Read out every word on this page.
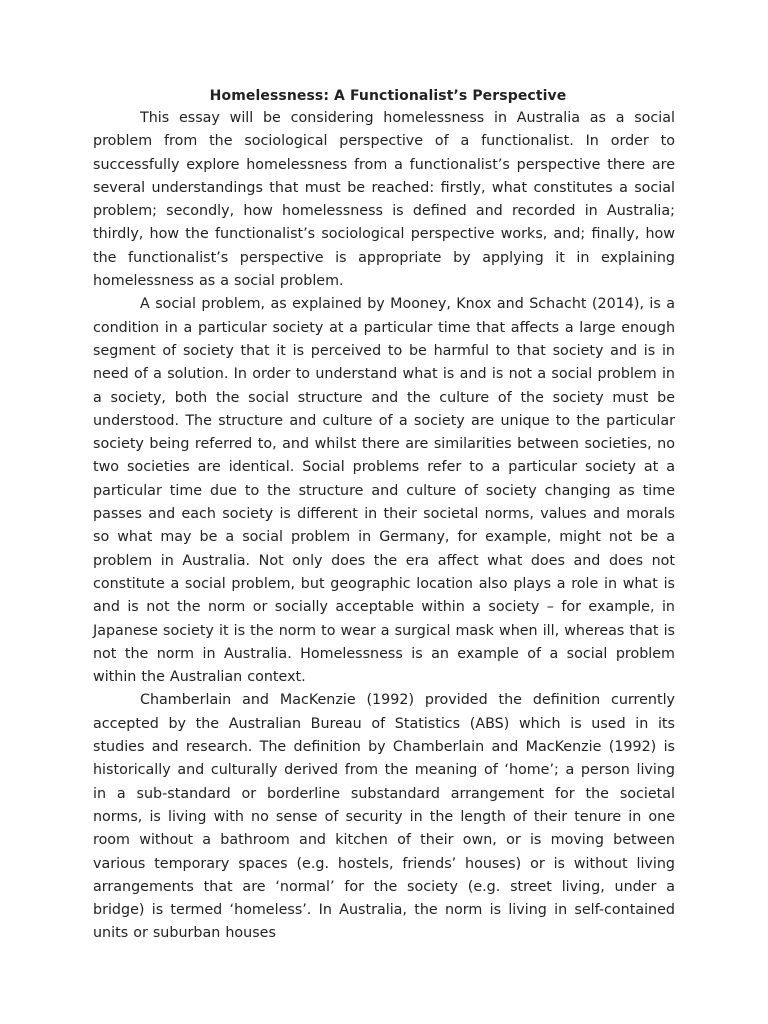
Homelessness: A Functionalist’s Perspective

This essay will be considering homelessness in Australia as a social problem from the sociological perspective of a functionalist. In order to successfully explore homelessness from a functionalist’s perspective there are several understandings that must be reached: firstly, what constitutes a social problem; secondly, how homelessness is defined and recorded in Australia; thirdly, how the functionalist’s sociological perspective works, and; finally, how the functionalist’s perspective is appropriate by applying it in explaining homelessness as a social problem.

A social problem, as explained by Mooney, Knox and Schacht (2014), is a condition in a particular society at a particular time that affects a large enough segment of society that it is perceived to be harmful to that society and is in need of a solution. In order to understand what is and is not a social problem in a society, both the social structure and the culture of the society must be understood. The structure and culture of a society are unique to the particular society being referred to, and whilst there are similarities between societies, no two societies are identical. Social problems refer to a particular society at a particular time due to the structure and culture of society changing as time passes and each society is different in their societal norms, values and morals so what may be a social problem in Germany, for example, might not be a problem in Australia. Not only does the era affect what does and does not constitute a social problem, but geographic location also plays a role in what is and is not the norm or socially acceptable within a society – for example, in Japanese society it is the norm to wear a surgical mask when ill, whereas that is not the norm in Australia. Homelessness is an example of a social problem within the Australian context.

Chamberlain and MacKenzie (1992) provided the definition currently accepted by the Australian Bureau of Statistics (ABS) which is used in its studies and research. The definition by Chamberlain and MacKenzie (1992) is historically and culturally derived from the meaning of ‘home’; a person living in a sub-standard or borderline substandard arrangement for the societal norms, is living with no sense of security in the length of their tenure in one room without a bathroom and kitchen of their own, or is moving between various temporary spaces (e.g. hostels, friends’ houses) or is without living arrangements that are ‘normal’ for the society (e.g. street living, under a bridge) is termed ‘homeless’. In Australia, the norm is living in self-contained units or suburban houses
